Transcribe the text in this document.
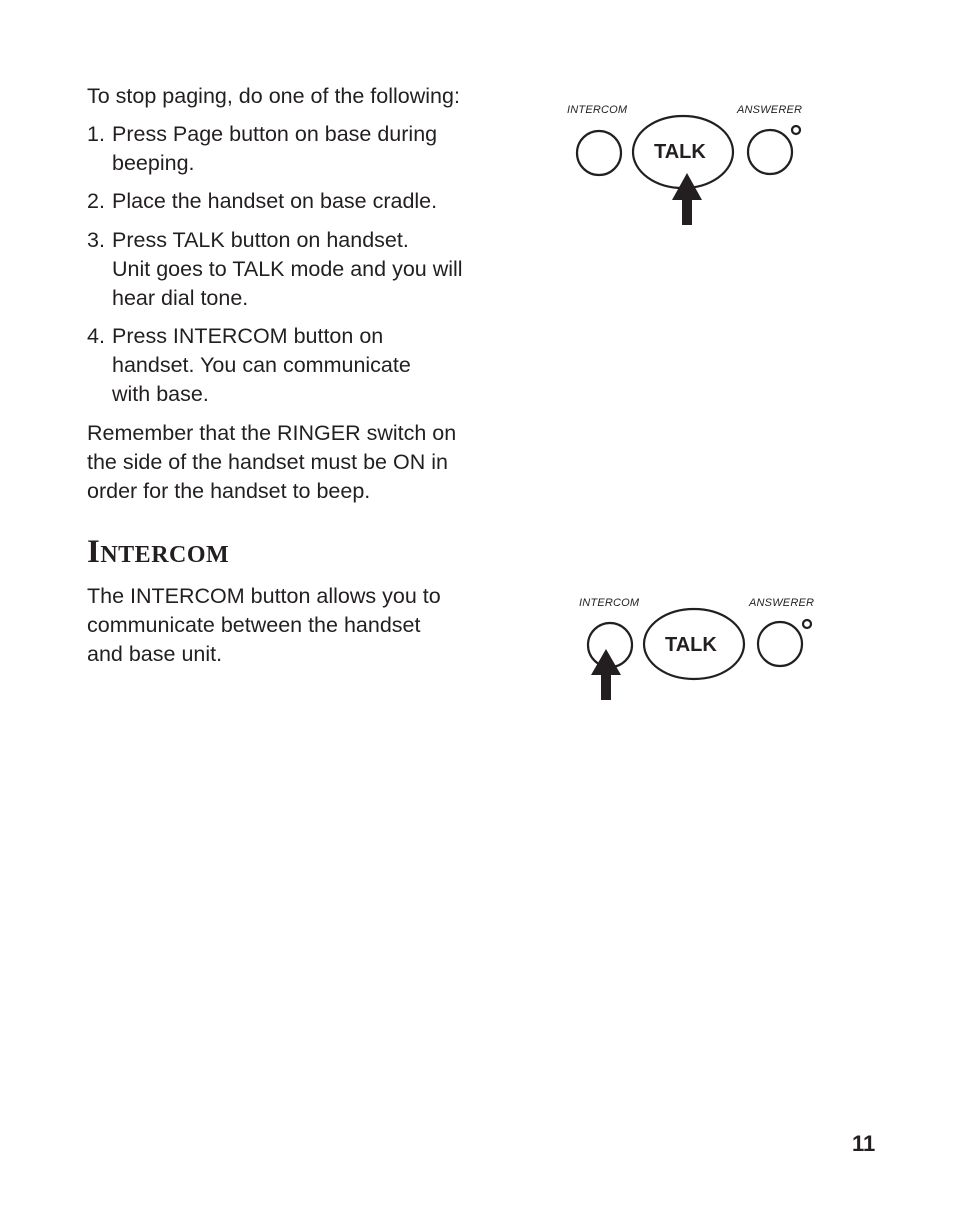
To stop paging, do one of the following:

1. Press Page button on base during
beeping.
2. Place the handset on base cradle.
3. Press TALK button on handset.
Unit goes to TALK mode and you will hear dial tone.
4. Press INTERCOM button on
handset. You can communicate with base.

Remember that the RINGER switch on the side of the handset must be ON in order for the handset to beep.

INTERCOM

The INTERCOM button allows you to communicate between the handset and base unit.

INTERCOM	ANSWERER
TALK
INTERCOM	ANSWERER
TALK
11
